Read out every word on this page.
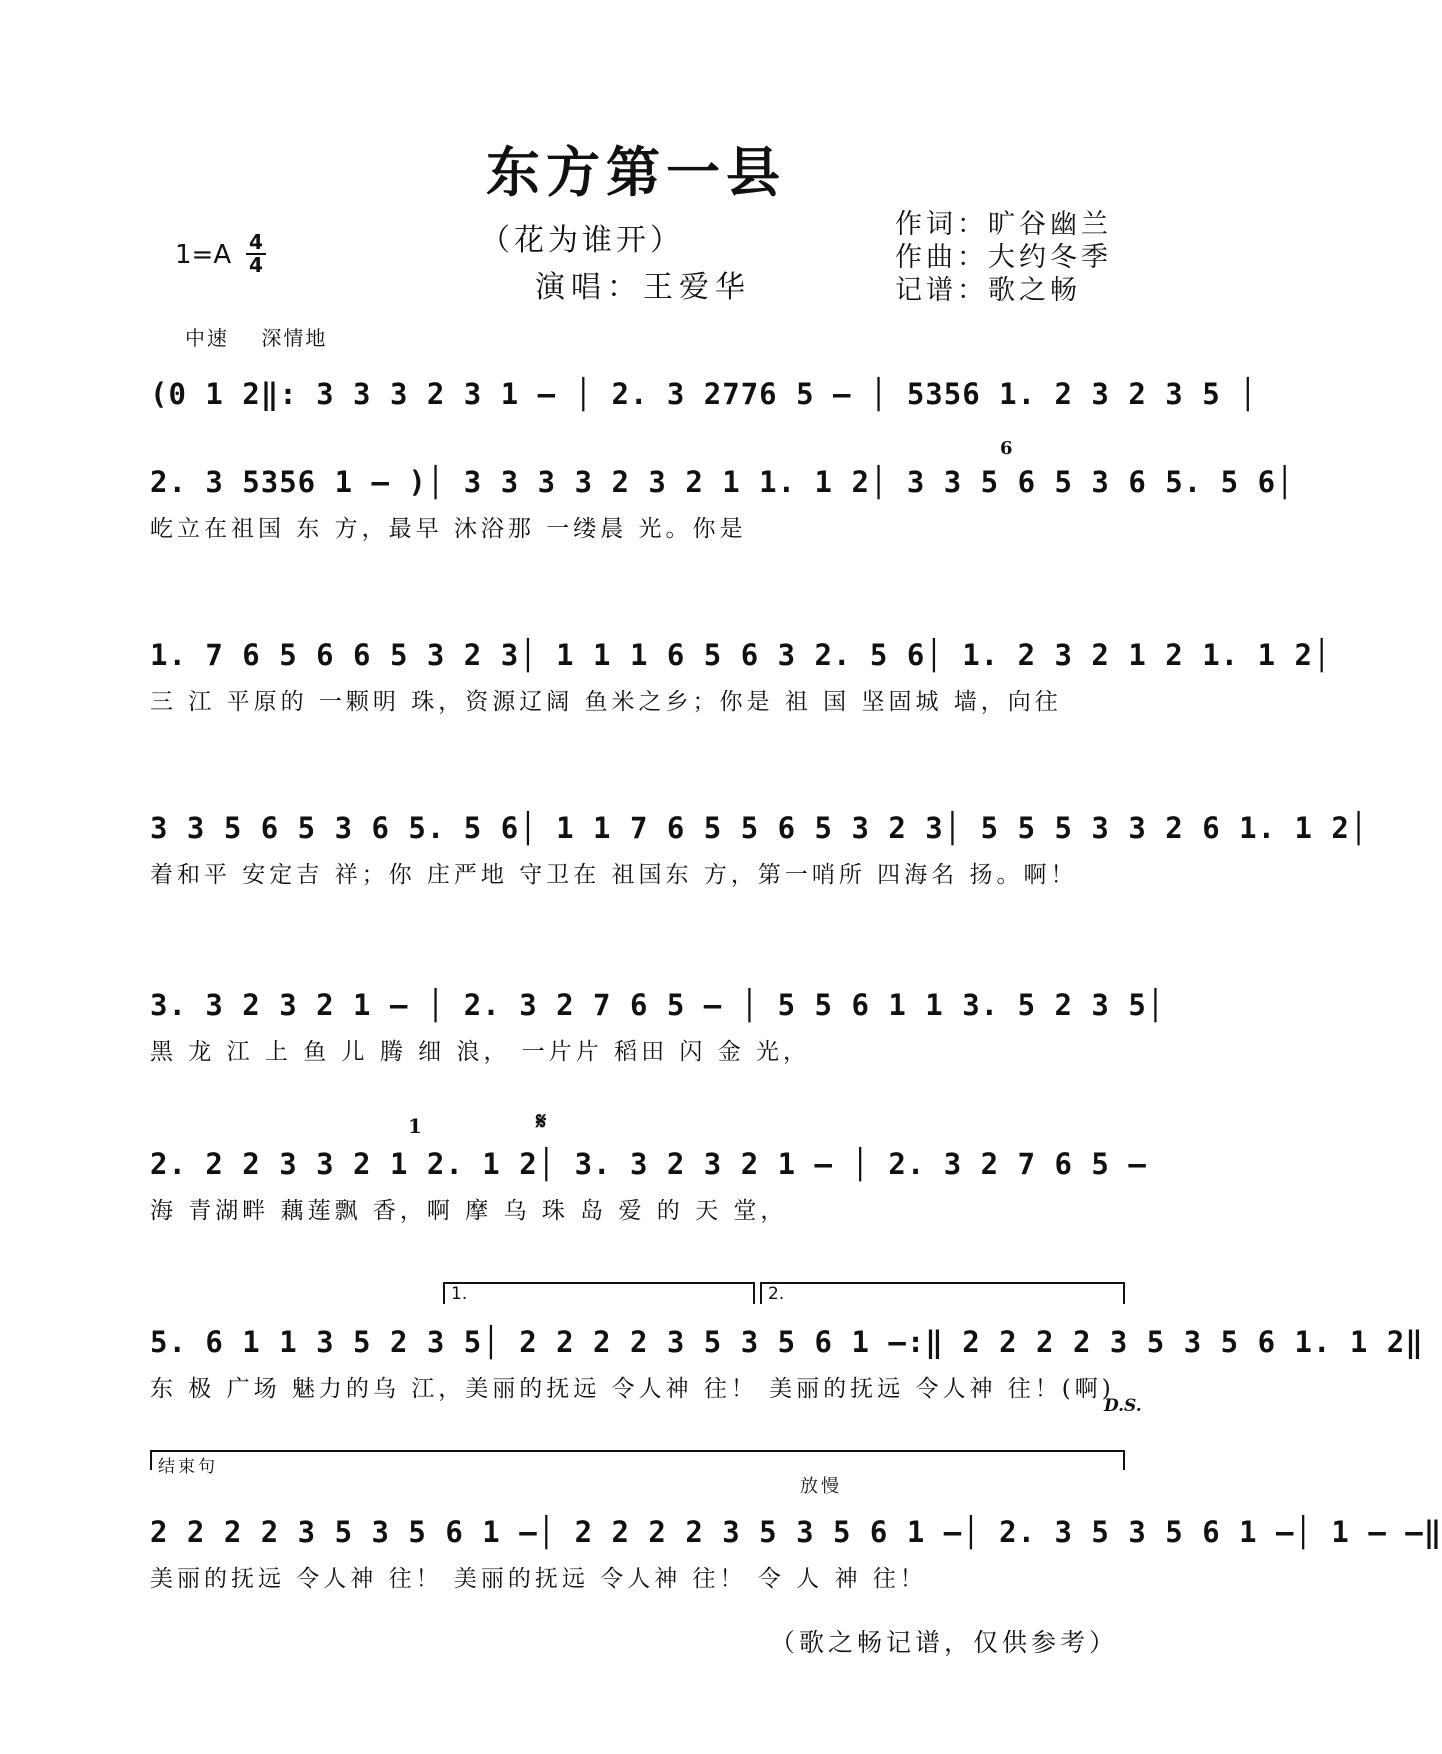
东方第一县
（花为谁开）
演唱：王爱华
作词：旷谷幽兰
作曲：大约冬季
记谱：歌之畅
1=A 4
4
中速 深情地
(0 1 2‖: 3 3 3 2 3 1 – │ 2. 3 2776 5 – │ 5356 1. 2 3 2 3 5 │
6
2. 3 5356 1 – )│ 3 3 3 3 2 3 2 1 1. 1 2│ 3 3 5 6 5 3 6 5. 5 6│
屹立在祖国 东 方，最早 沐浴那 一缕晨 光。你是
1. 7 6 5 6 6 5 3 2 3│ 1 1 1 6 5 6 3 2. 5 6│ 1. 2 3 2 1 2 1. 1 2│
三 江 平原的 一颗明 珠，资源辽阔 鱼米之乡；你是 祖 国 坚固城 墙，向往
3 3 5 6 5 3 6 5. 5 6│ 1 1 7 6 5 5 6 5 3 2 3│ 5 5 5 3 3 2 6 1. 1 2│
着和平 安定吉 祥；你 庄严地 守卫在 祖国东 方，第一哨所 四海名 扬。啊！
3. 3 2 3 2 1 – │ 2. 3 2 7 6 5 – │ 5 5 6 1 1 3. 5 2 3 5│
黑 龙 江 上 鱼 儿 腾 细 浪， 一片片 稻田 闪 金 光，
1	𝄋
2. 2 2 3 3 2 1 2. 1 2│ 3. 3 2 3 2 1 – │ 2. 3 2 7 6 5 –
海 青湖畔 藕莲飘 香，啊 摩 乌 珠 岛 爱 的 天 堂，
1.	2.
5. 6 1 1 3 5 2 3 5│ 2 2 2 2 3 5 3 5 6 1 –:‖ 2 2 2 2 3 5 3 5 6 1. 1 2‖
东 极 广场 魅力的乌 江，美丽的抚远 令人神 往！ 美丽的抚远 令人神 往！(啊)
D.S.
结束句
放慢
2 2 2 2 3 5 3 5 6 1 –│ 2 2 2 2 3 5 3 5 6 1 –│ 2. 3 5 3 5 6 1 –│ 1 – –‖
美丽的抚远 令人神 往！ 美丽的抚远 令人神 往！ 令 人 神 往！
（歌之畅记谱，仅供参考）
